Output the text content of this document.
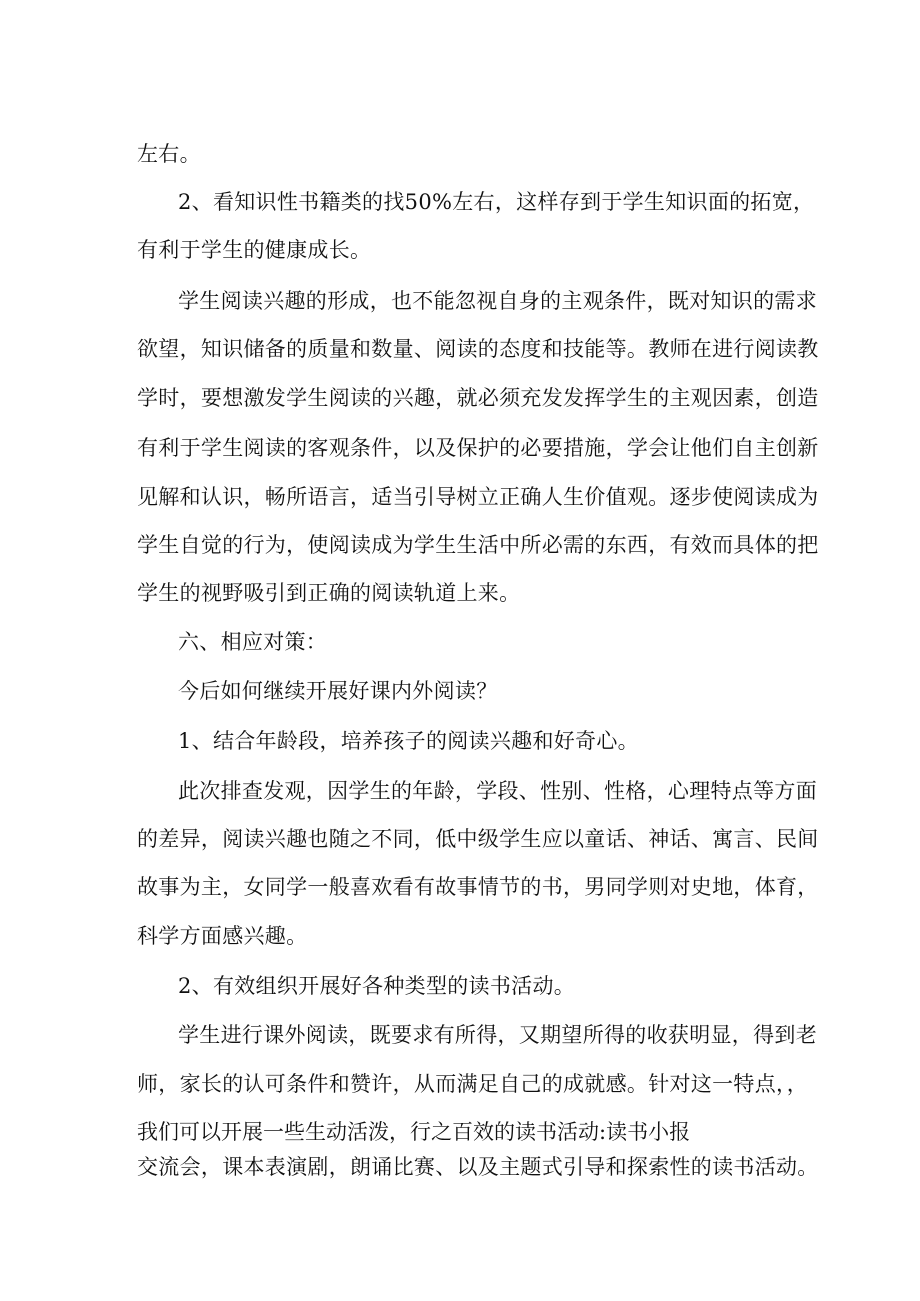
左右。
2、看知识性书籍类的找50%左右，这样存到于学生知识面的拓宽，
有利于学生的健康成长。
学生阅读兴趣的形成，也不能忽视自身的主观条件，既对知识的需求
欲望，知识储备的质量和数量、阅读的态度和技能等。教师在进行阅读教
学时，要想激发学生阅读的兴趣，就必须充发发挥学生的主观因素，创造
有利于学生阅读的客观条件，以及保护的必要措施，学会让他们自主创新
见解和认识，畅所语言，适当引导树立正确人生价值观。逐步使阅读成为
学生自觉的行为，使阅读成为学生生活中所必需的东西，有效而具体的把
学生的视野吸引到正确的阅读轨道上来。
六、相应对策：
今后如何继续开展好课内外阅读？
1、结合年龄段，培养孩子的阅读兴趣和好奇心。
此次排查发观，因学生的年龄，学段、性别、性格，心理特点等方面
的差异，阅读兴趣也随之不同，低中级学生应以童话、神话、寓言、民间
故事为主，女同学一般喜欢看有故事情节的书，男同学则对史地，体育，
科学方面感兴趣。
2、有效组织开展好各种类型的读书活动。
学生进行课外阅读，既要求有所得，又期望所得的收获明显，得到老
师，家长的认可条件和赞许，从而满足自己的成就感。针对这一特点，，
我们可以开展一些生动活泼，行之百效的读书活动:读书小报
交流会，课本表演剧，朗诵比赛、以及主题式引导和探索性的读书活动。
